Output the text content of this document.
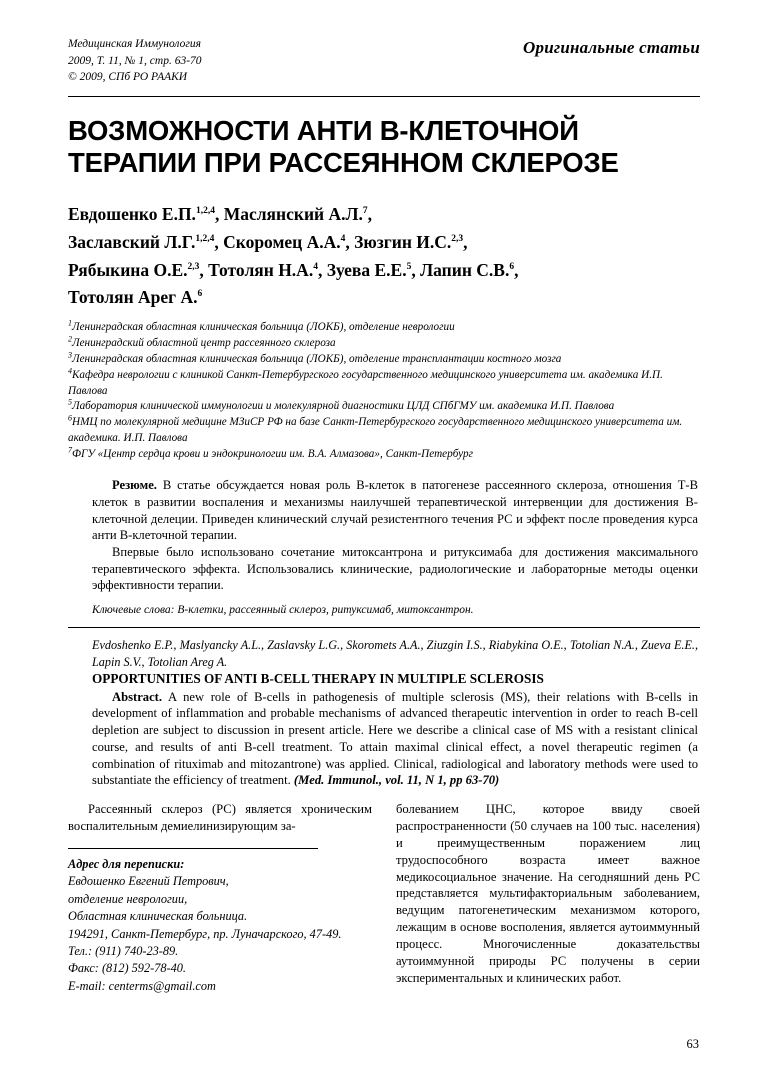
Медицинская Иммунология
2009, Т. 11, № 1, стр. 63-70
© 2009, СПб РО РААКИ
Оригинальные статьи
ВОЗМОЖНОСТИ АНТИ В-КЛЕТОЧНОЙ ТЕРАПИИ ПРИ РАССЕЯННОМ СКЛЕРОЗЕ
Евдошенко Е.П.$^{1,2,4}$, Маслянский А.Л.$^7$,
Заславский Л.Г.$^{1,2,4}$, Скоромец А.А.$^4$, Зюзгин И.С.$^{2,3}$,
Рябыкина О.Е.$^{2,3}$, Тотолян Н.А.$^4$, Зуева Е.Е.$^5$, Лапин С.В.$^6$,
Тотолян Арег А.$^6$
$^1$Ленинградская областная клиническая больница (ЛОКБ), отделение неврологии
$^2$Ленинградский областной центр рассеянного склероза
$^3$Ленинградская областная клиническая больница (ЛОКБ), отделение трансплантации костного мозга
$^4$Кафедра неврологии с клиникой Санкт-Петербургского государственного медицинского университета им. академика И.П. Павлова
$^5$Лаборатория клинической иммунологии и молекулярной диагностики ЦЛД СПбГМУ им. академика И.П. Павлова
$^6$НМЦ по молекулярной медицине МЗиСР РФ на базе Санкт-Петербургского государственного медицинского университета им. академика. И.П. Павлова
$^7$ФГУ «Центр сердца крови и эндокринологии им. В.А. Алмазова», Санкт-Петербург

Резюме. В статье обсуждается новая роль В-клеток в патогенезе рассеянного склероза, отношения Т-В клеток в развитии воспаления и механизмы наилучшей терапевтической интервенции для достижения В-клеточной делеции. Приведен клинический случай резистентного течения РС и эффект после проведения курса анти В-клеточной терапии.

Впервые было использовано сочетание митоксантрона и ритуксимаба для достижения максимального терапевтического эффекта. Использовались клинические, радиологические и лабораторные методы оценки эффективности терапии.

Ключевые слова: В-клетки, рассеянный склероз, ритуксимаб, митоксантрон.
Evdoshenko E.P., Maslyancky A.L., Zaslavsky L.G., Skoromets A.A., Ziuzgin I.S., Riabykina O.E., Totolian N.A., Zueva E.E., Lapin S.V., Totolian Areg A.
OPPORTUNITIES OF ANTI B-CELL THERAPY IN MULTIPLE SCLEROSIS

Abstract. A new role of B-cells in pathogenesis of multiple sclerosis (MS), their relations with B-cells in development of inflammation and probable mechanisms of advanced therapeutic intervention in order to reach B-cell depletion are subject to discussion in present article. Here we describe a clinical case of MS with a resistant clinical course, and results of anti B-cell treatment. To attain maximal clinical effect, a novel therapeutic regimen (a combination of rituximab and mitozantrone) was applied. Clinical, radiological and laboratory methods were used to substantiate the efficiency of treatment. (Med. Immunol., vol. 11, N 1, pp 63-70)

Рассеянный склероз (РС) является хроническим воспалительным демиелинизирующим за-

Адрес для переписки:
Евдошенко Евгений Петрович,
отделение неврологии,
Областная клиническая больница.
194291, Санкт-Петербург, пр. Луначарского, 47-49.
Тел.: (911) 740-23-89.
Факс: (812) 592-78-40.
E-mail: centerms@gmail.com

болеванием ЦНС, которое ввиду своей распространенности (50 случаев на 100 тыс. населения) и преимущественным поражением лиц трудоспособного возраста имеет важное медикосоциальное значение. На сегодняшний день РС представляется мультифакториальным заболеванием, ведущим патогенетическим механизмом которого, лежащим в основе восполения, является аутоиммунный процесс. Многочисленные доказательствы аутоиммунной природы РС получены в серии экспериментальных и клинических работ.

63
